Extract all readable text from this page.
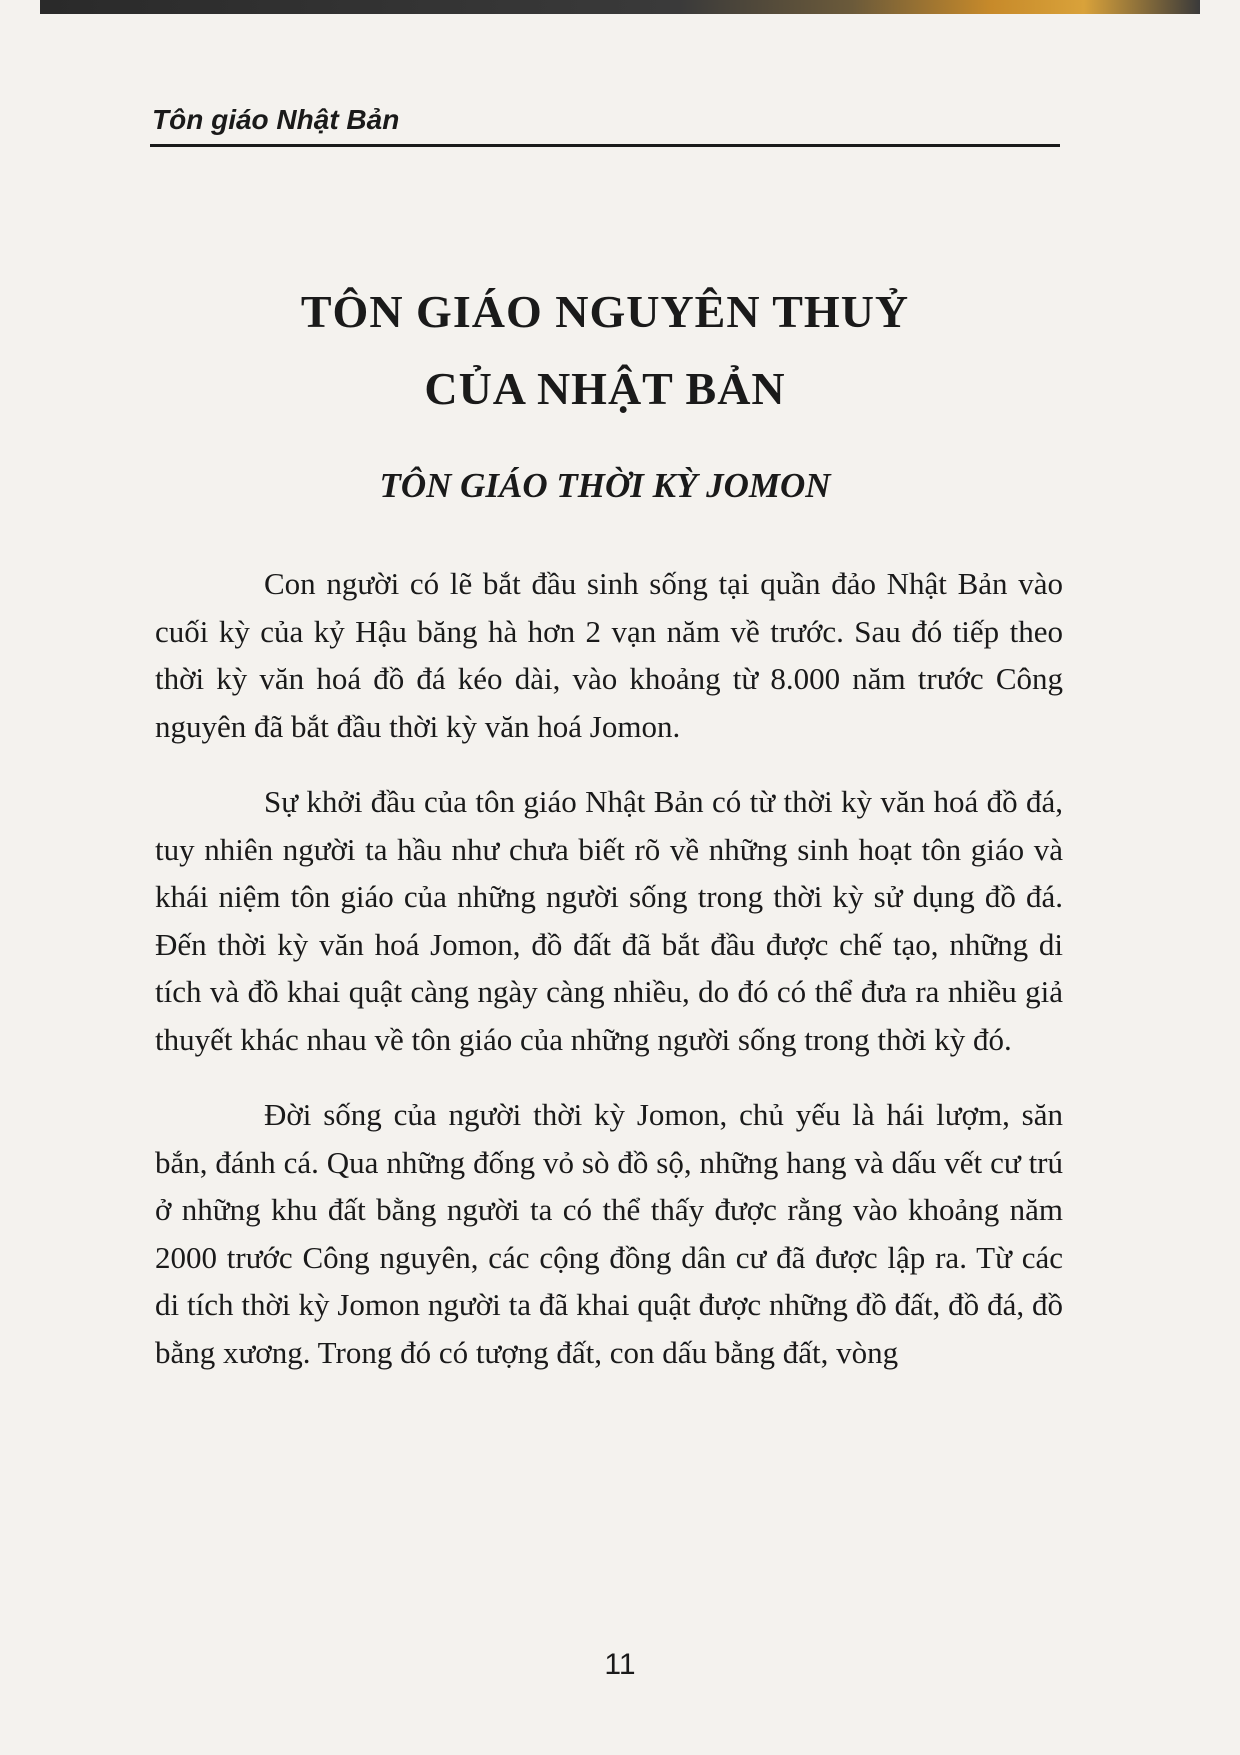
Tôn giáo Nhật Bản
TÔN GIÁO NGUYÊN THUỶ
CỦA NHẬT BẢN
TÔN GIÁO THỜI KỲ JOMON

Con người có lẽ bắt đầu sinh sống tại quần đảo Nhật Bản vào cuối kỳ của kỷ Hậu băng hà hơn 2 vạn năm về trước. Sau đó tiếp theo thời kỳ văn hoá đồ đá kéo dài, vào khoảng từ 8.000 năm trước Công nguyên đã bắt đầu thời kỳ văn hoá Jomon.

Sự khởi đầu của tôn giáo Nhật Bản có từ thời kỳ văn hoá đồ đá, tuy nhiên người ta hầu như chưa biết rõ về những sinh hoạt tôn giáo và khái niệm tôn giáo của những người sống trong thời kỳ sử dụng đồ đá. Đến thời kỳ văn hoá Jomon, đồ đất đã bắt đầu được chế tạo, những di tích và đồ khai quật càng ngày càng nhiều, do đó có thể đưa ra nhiều giả thuyết khác nhau về tôn giáo của những người sống trong thời kỳ đó.

Đời sống của người thời kỳ Jomon, chủ yếu là hái lượm, săn bắn, đánh cá. Qua những đống vỏ sò đồ sộ, những hang và dấu vết cư trú ở những khu đất bằng người ta có thể thấy được rằng vào khoảng năm 2000 trước Công nguyên, các cộng đồng dân cư đã được lập ra. Từ các di tích thời kỳ Jomon người ta đã khai quật được những đồ đất, đồ đá, đồ bằng xương. Trong đó có tượng đất, con dấu bằng đất, vòng

11
